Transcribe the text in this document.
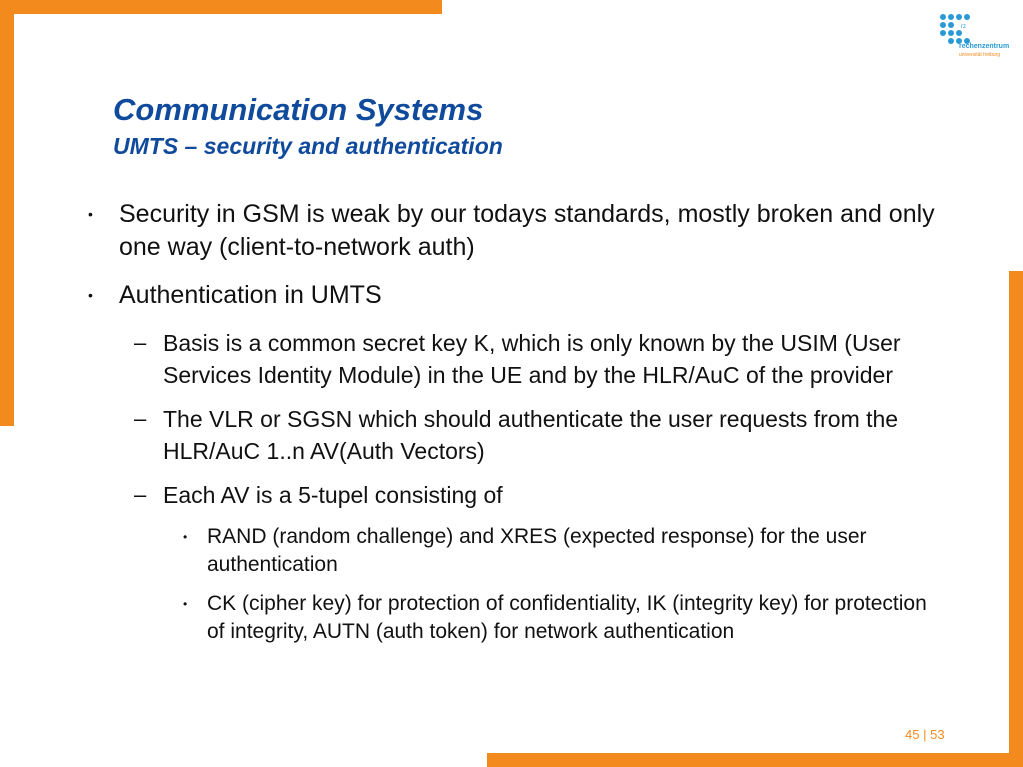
rz
rechenzentrum
universität freiburg
Communication Systems
UMTS – security and authentication
• Security in GSM is weak by our todays standards, mostly broken and only one way (client-to-network auth)
• Authentication in UMTS
– Basis is a common secret key K, which is only known by the USIM (User Services Identity Module) in the UE and by the HLR/AuC of the provider
– The VLR or SGSN which should authenticate the user requests from the HLR/AuC 1..n AV(Auth Vectors)
– Each AV is a 5-tupel consisting of
• RAND (random challenge) and XRES (expected response) for the user authentication
• CK (cipher key) for protection of confidentiality, IK (integrity key) for protection of integrity, AUTN (auth token) for network authentication
45 | 53
